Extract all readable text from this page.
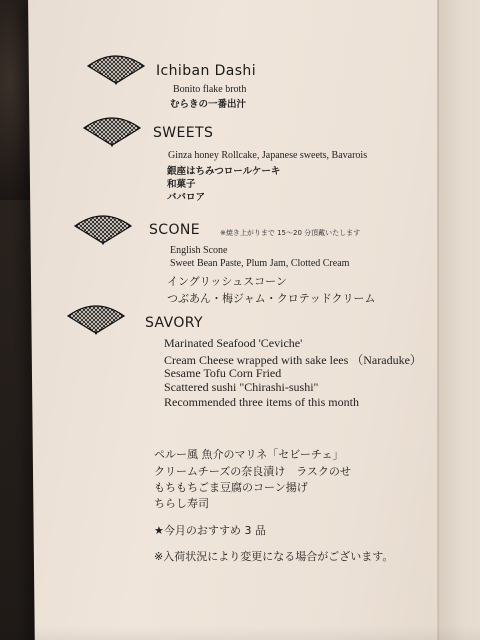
Ichiban Dashi
Bonito flake broth
むらきの一番出汁
SWEETS
Ginza honey Rollcake, Japanese sweets, Bavarois
銀座はちみつロールケーキ
和菓子
ババロア
SCONE	※焼き上がりまで 15～20 分頂戴いたします
English Scone
Sweet Bean Paste, Plum Jam, Clotted Cream
イングリッシュスコーン
つぶあん・梅ジャム・クロテッドクリーム
SAVORY
Marinated Seafood 'Ceviche'
Cream Cheese wrapped with sake lees （Naraduke）
Sesame Tofu Corn Fried
Scattered sushi "Chirashi-sushi"
Recommended three items of this month
ペルー風 魚介のマリネ「セビーチェ」
クリームチーズの奈良漬け　ラスクのせ
もちもちごま豆腐のコーン揚げ
ちらし寿司
★今月のおすすめ 3 品
※入荷状況により変更になる場合がございます。
